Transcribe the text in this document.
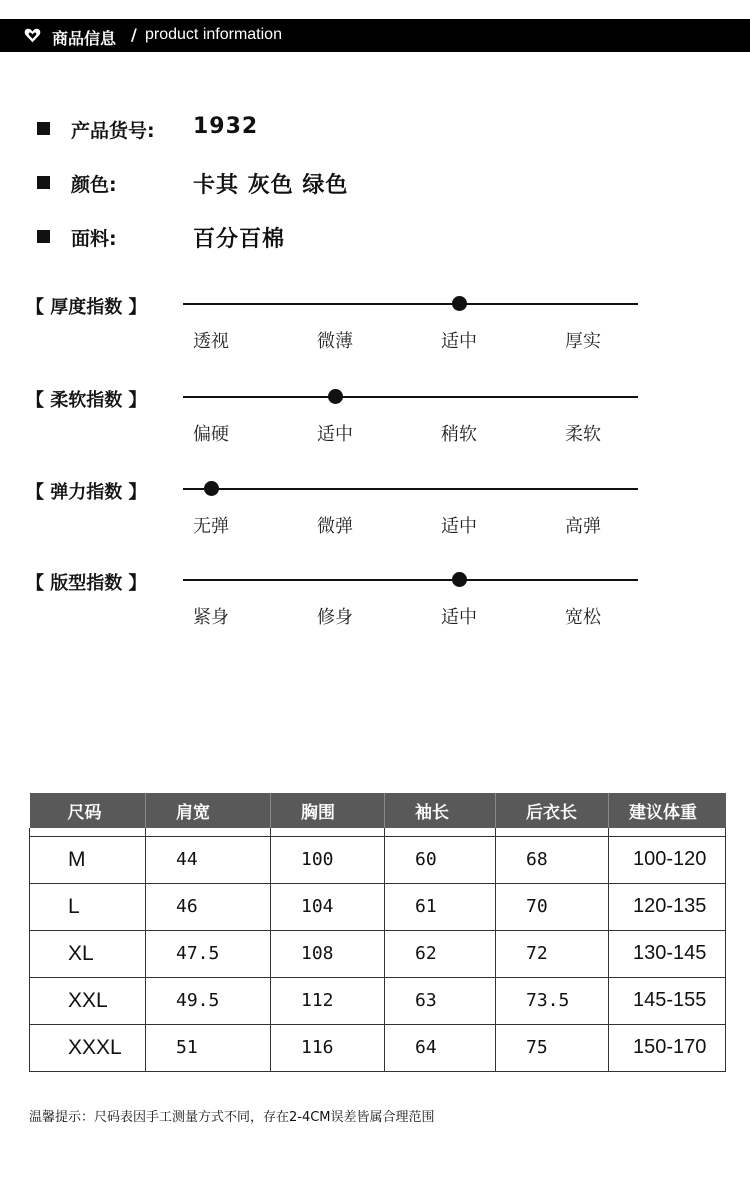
商品信息 / product information
产品货号: 1932
颜色:	卡其 灰色 绿色
面料:	百分百棉
【 厚度指数 】
透视	微薄	适中	厚实
【 柔软指数 】
偏硬	适中	稍软	柔软
【 弹力指数 】
无弹	微弹	适中	高弹
【 版型指数 】
紧身	修身	适中	宽松
尺码	肩宽	胸围	袖长	后衣长	建议体重

M	44	100	60	68	100-120
L	46	104	61	70	120-135
XL	47.5	108	62	72	130-145
XXL	49.5	112	63	73.5	145-155
XXXL	51	116	64	75	150-170
温馨提示：尺码表因手工测量方式不同，存在2-4CM误差皆属合理范围
